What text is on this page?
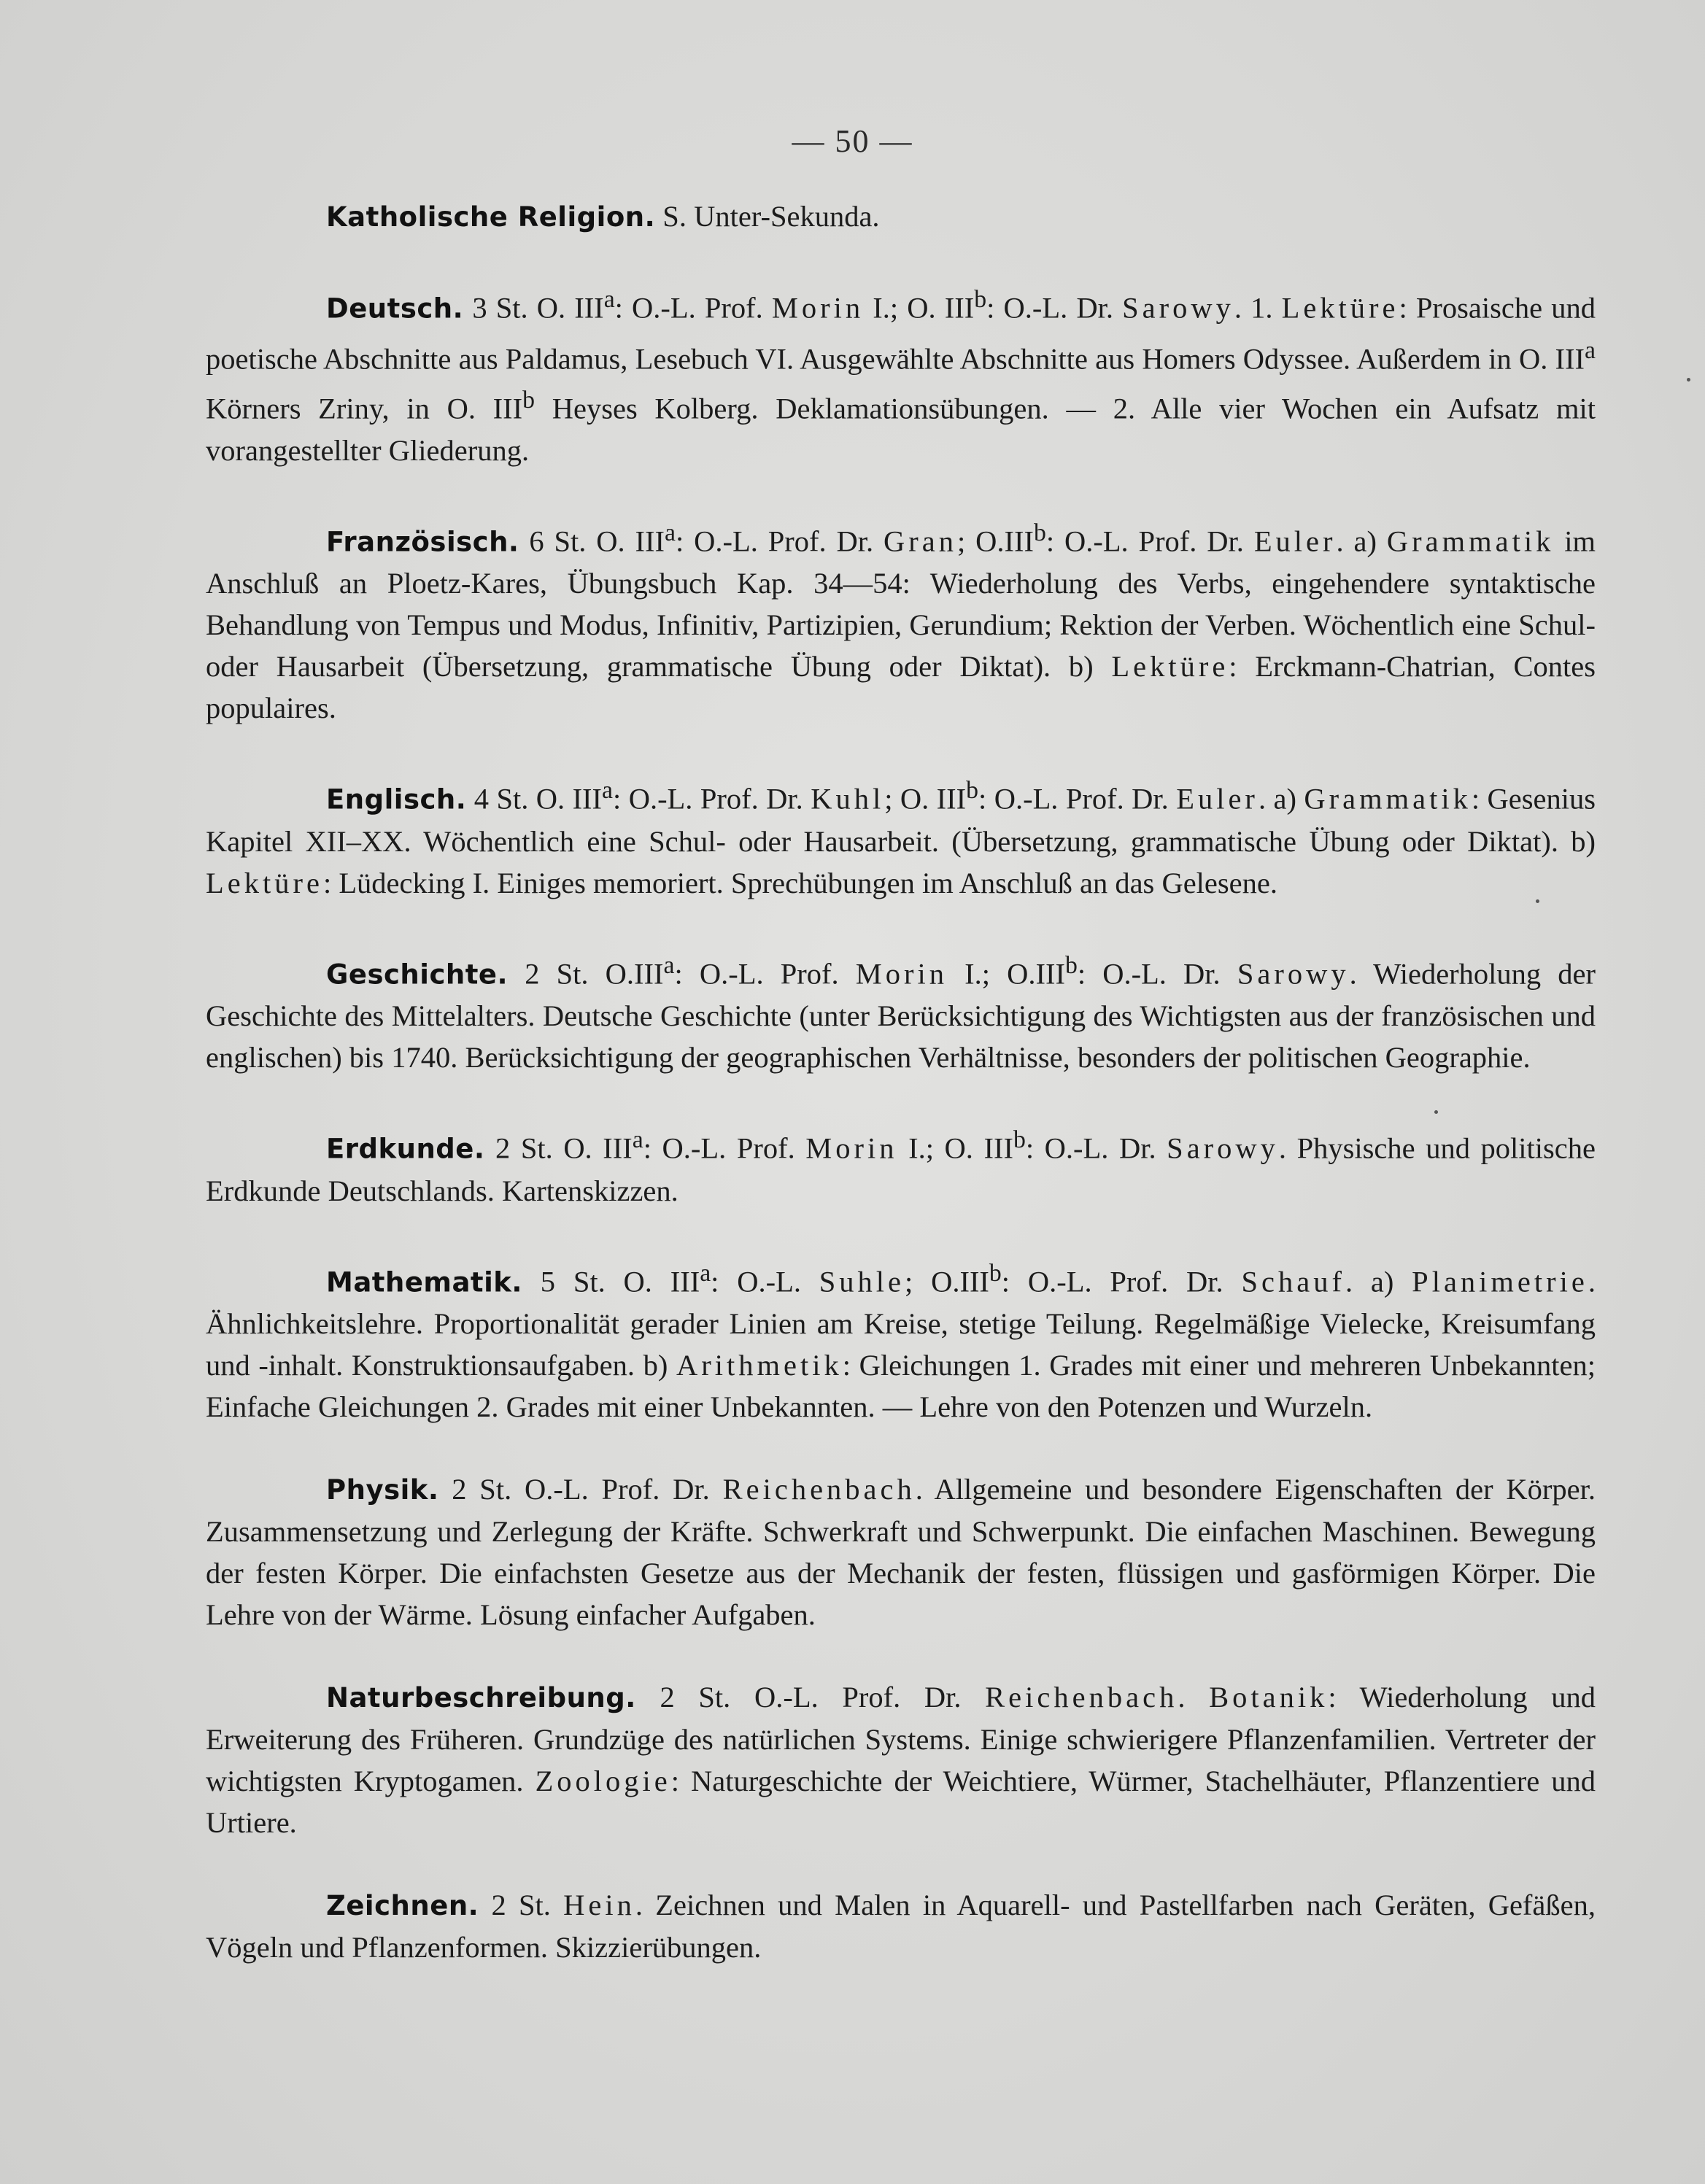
— 50 —

Katholische Religion. S. Unter-Sekunda.

Deutsch. 3 St. O. III$^a$: O.-L. Prof. Morin I.; O. III$^b$: O.-L. Dr. Sarowy. 1. Lektüre: Prosaische und poetische Abschnitte aus Paldamus, Lesebuch VI. Ausgewählte Abschnitte aus Homers Odyssee. Außerdem in O. III$^a$ Körners Zriny, in O. III$^b$ Heyses Kolberg. Deklamationsübungen. — 2. Alle vier Wochen ein Aufsatz mit vorangestellter Gliederung.

Französisch. 6 St. O. III$^a$: O.-L. Prof. Dr. Gran; O.III$^b$: O.-L. Prof. Dr. Euler. a) Grammatik im Anschluß an Ploetz-Kares, Übungsbuch Kap. 34—54: Wiederholung des Verbs, eingehendere syntaktische Behandlung von Tempus und Modus, Infinitiv, Partizipien, Gerundium; Rektion der Verben. Wöchentlich eine Schul- oder Hausarbeit (Übersetzung, grammatische Übung oder Diktat). b) Lektüre: Erckmann-Chatrian, Contes populaires.

Englisch. 4 St. O. III$^a$: O.-L. Prof. Dr. Kuhl; O. III$^b$: O.-L. Prof. Dr. Euler. a) Grammatik: Gesenius Kapitel XII–XX. Wöchentlich eine Schul- oder Hausarbeit. (Übersetzung, grammatische Übung oder Diktat). b) Lektüre: Lüdecking I. Einiges memoriert. Sprechübungen im Anschluß an das Gelesene.

Geschichte. 2 St. O.III$^a$: O.-L. Prof. Morin I.; O.III$^b$: O.-L. Dr. Sarowy. Wiederholung der Geschichte des Mittelalters. Deutsche Geschichte (unter Berücksichtigung des Wichtigsten aus der französischen und englischen) bis 1740. Berücksichtigung der geographischen Verhältnisse, besonders der politischen Geographie.

Erdkunde. 2 St. O. III$^a$: O.-L. Prof. Morin I.; O. III$^b$: O.-L. Dr. Sarowy. Physische und politische Erdkunde Deutschlands. Kartenskizzen.

Mathematik. 5 St. O. III$^a$: O.-L. Suhle; O.III$^b$: O.-L. Prof. Dr. Schauf. a) Planimetrie. Ähnlichkeitslehre. Proportionalität gerader Linien am Kreise, stetige Teilung. Regelmäßige Vielecke, Kreisumfang und -inhalt. Konstruktionsaufgaben. b) Arithmetik: Gleichungen 1. Grades mit einer und mehreren Unbekannten; Einfache Gleichungen 2. Grades mit einer Unbekannten. — Lehre von den Potenzen und Wurzeln.

Physik. 2 St. O.-L. Prof. Dr. Reichenbach. Allgemeine und besondere Eigenschaften der Körper. Zusammensetzung und Zerlegung der Kräfte. Schwerkraft und Schwerpunkt. Die einfachen Maschinen. Bewegung der festen Körper. Die einfachsten Gesetze aus der Mechanik der festen, flüssigen und gasförmigen Körper. Die Lehre von der Wärme. Lösung einfacher Aufgaben.

Naturbeschreibung. 2 St. O.-L. Prof. Dr. Reichenbach. Botanik: Wiederholung und Erweiterung des Früheren. Grundzüge des natürlichen Systems. Einige schwierigere Pflanzenfamilien. Vertreter der wichtigsten Kryptogamen. Zoologie: Naturgeschichte der Weichtiere, Würmer, Stachelhäuter, Pflanzentiere und Urtiere.

Zeichnen. 2 St. Hein. Zeichnen und Malen in Aquarell- und Pastellfarben nach Geräten, Gefäßen, Vögeln und Pflanzenformen. Skizzierübungen.
